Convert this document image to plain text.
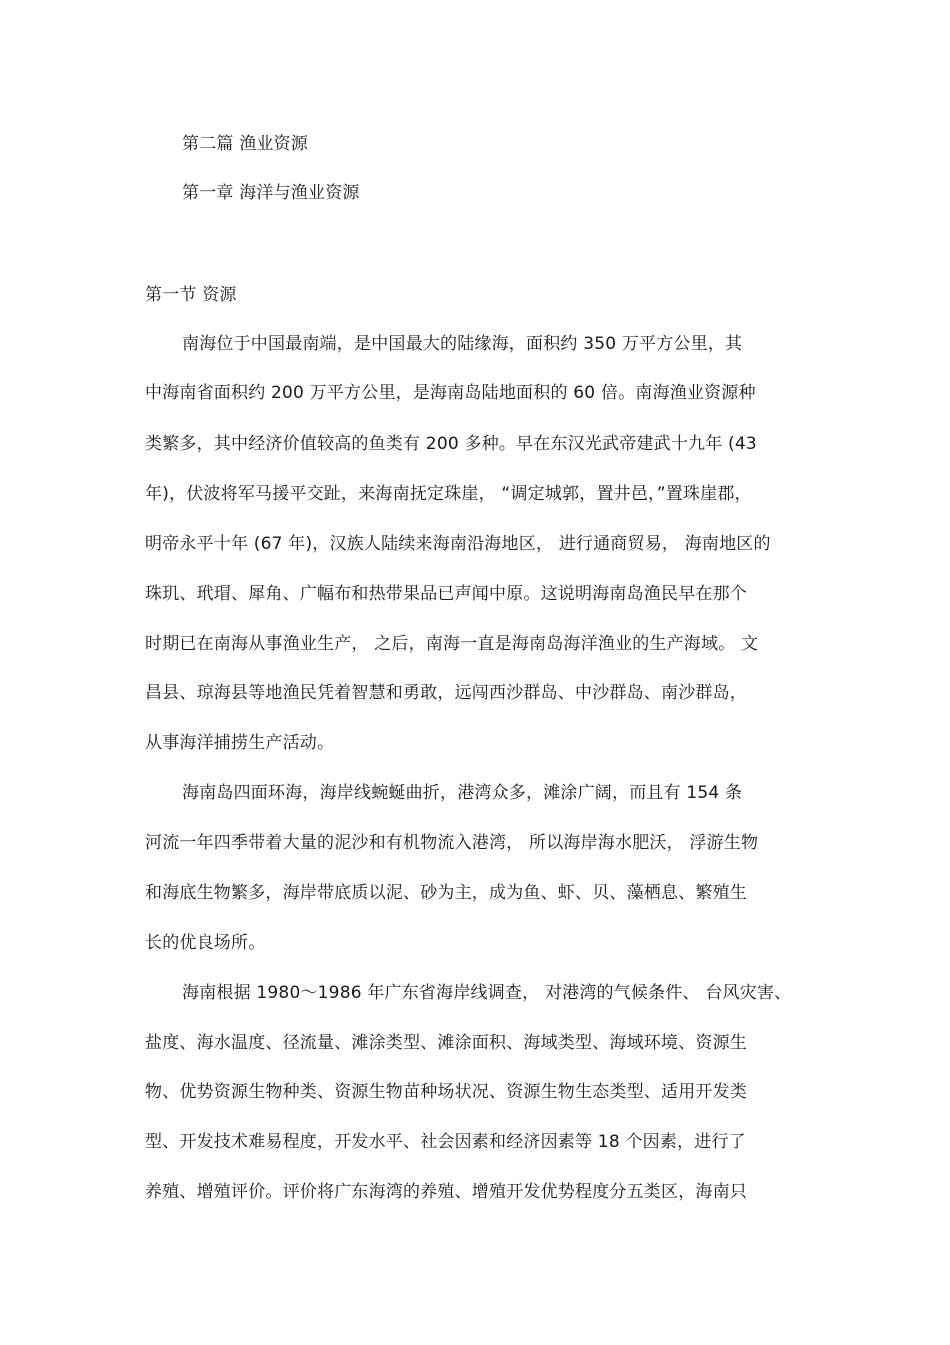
第二篇 渔业资源
第一章 海洋与渔业资源
第一节 资源
南海位于中国最南端，是中国最大的陆缘海，面积约 350 万平方公里，其
中海南省面积约 200 万平方公里，是海南岛陆地面积的 60 倍。南海渔业资源种
类繁多，其中经济价值较高的鱼类有 200 多种。早在东汉光武帝建武十九年 (43
年)，伏波将军马援平交趾，来海南抚定珠崖， “调定城郭，置井邑，”置珠崖郡，
明帝永平十年 (67 年)，汉族人陆续来海南沿海地区， 进行通商贸易， 海南地区的
珠玑、玳瑁、犀角、广幅布和热带果品已声闻中原。这说明海南岛渔民早在那个
时期已在南海从事渔业生产， 之后，南海一直是海南岛海洋渔业的生产海域。 文
昌县、琼海县等地渔民凭着智慧和勇敢，远闯西沙群岛、中沙群岛、南沙群岛，
从事海洋捕捞生产活动。
海南岛四面环海，海岸线蜿蜒曲折，港湾众多，滩涂广阔，而且有 154 条
河流一年四季带着大量的泥沙和有机物流入港湾， 所以海岸海水肥沃， 浮游生物
和海底生物繁多，海岸带底质以泥、砂为主，成为鱼、虾、贝、藻栖息、繁殖生
长的优良场所。
海南根据 1980～1986 年广东省海岸线调查， 对港湾的气候条件、 台风灾害、
盐度、海水温度、径流量、滩涂类型、滩涂面积、海域类型、海域环境、资源生
物、优势资源生物种类、资源生物苗种场状况、资源生物生态类型、适用开发类
型、开发技术难易程度，开发水平、社会因素和经济因素等 18 个因素，进行了
养殖、增殖评价。评价将广东海湾的养殖、增殖开发优势程度分五类区，海南只
